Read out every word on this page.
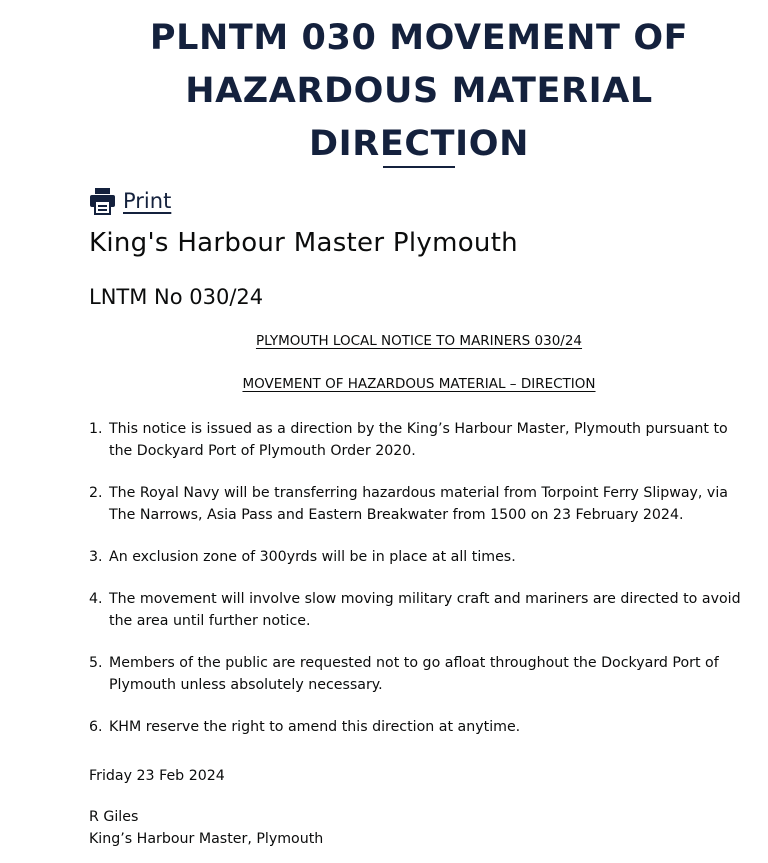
PLNTM 030 MOVEMENT OF HAZARDOUS MATERIAL DIRECTION
Print
King's Harbour Master Plymouth

LNTM No 030/24

PLYMOUTH LOCAL NOTICE TO MARINERS 030/24

MOVEMENT OF HAZARDOUS MATERIAL – DIRECTION

1. This notice is issued as a direction by the King’s Harbour Master, Plymouth pursuant to the Dockyard Port of Plymouth Order 2020.
2. The Royal Navy will be transferring hazardous material from Torpoint Ferry Slipway, via The Narrows, Asia Pass and Eastern Breakwater from 1500 on 23 February 2024.
3. An exclusion zone of 300yrds will be in place at all times.
4. The movement will involve slow moving military craft and mariners are directed to avoid the area until further notice.
5. Members of the public are requested not to go afloat throughout the Dockyard Port of Plymouth unless absolutely necessary.
6. KHM reserve the right to amend this direction at anytime.

Friday 23 Feb 2024

R Giles
King’s Harbour Master, Plymouth
